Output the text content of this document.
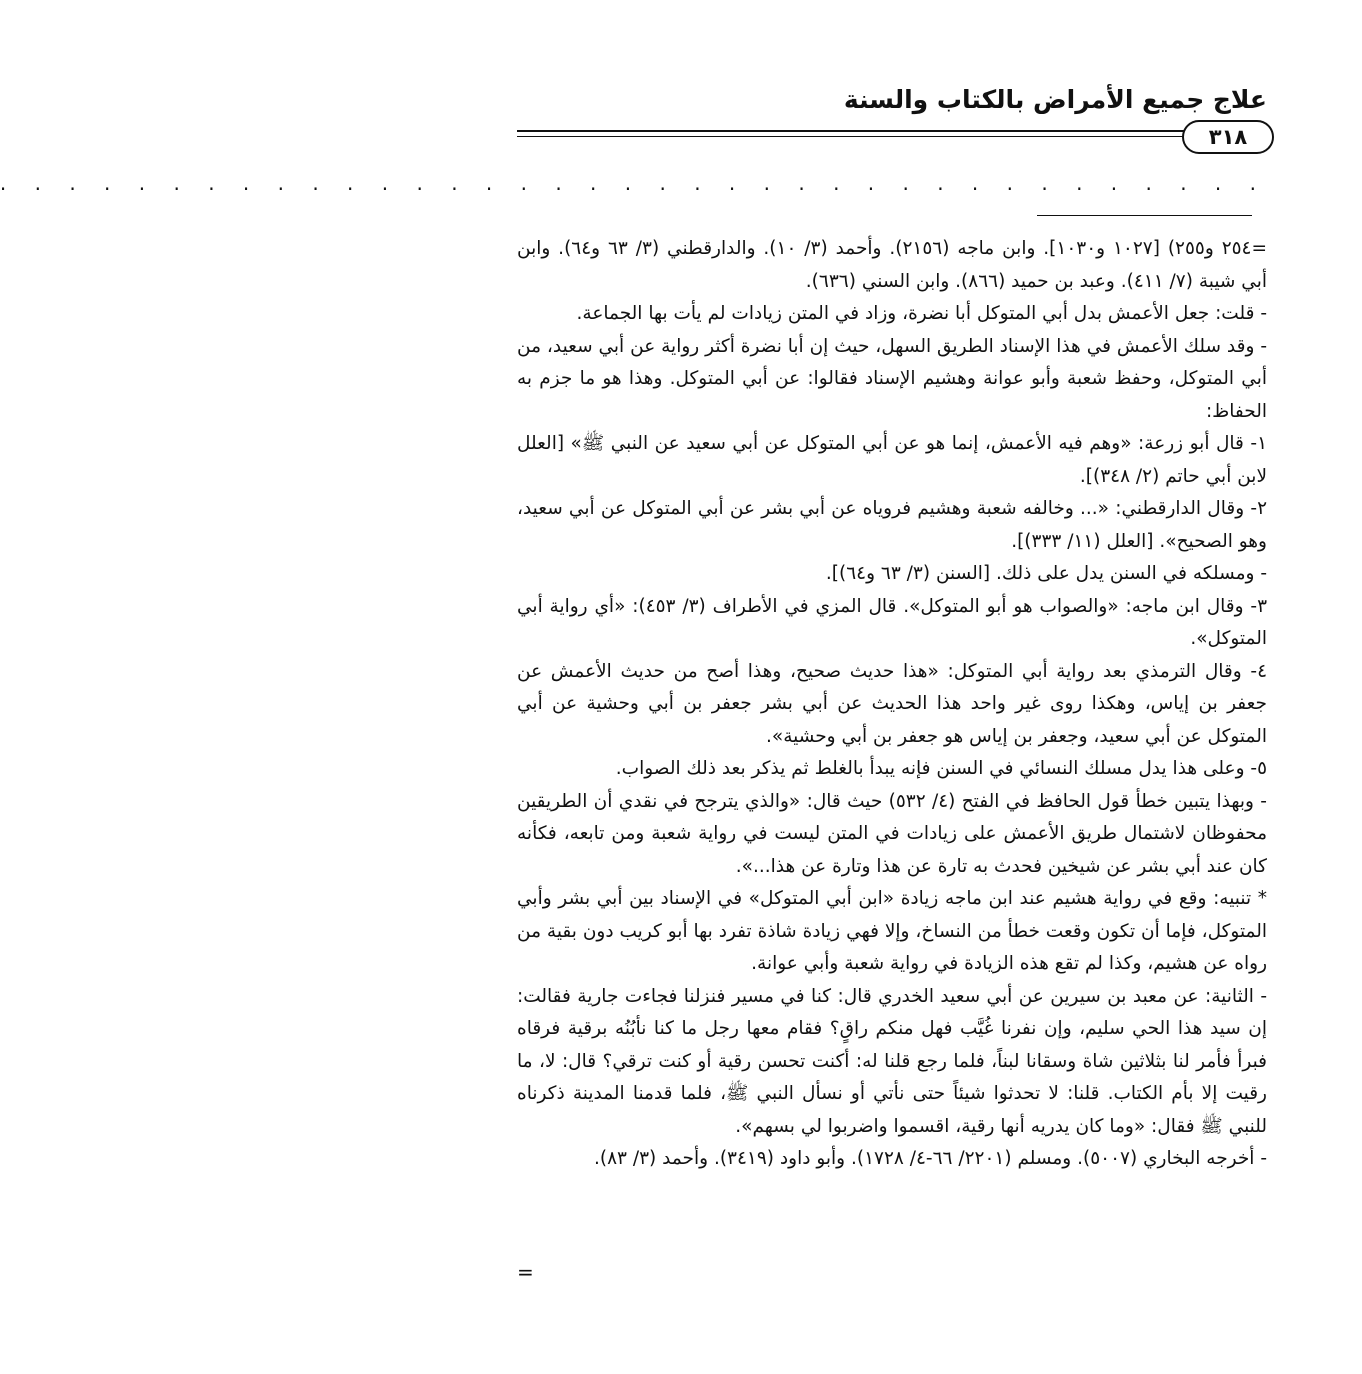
علاج جميع الأمراض بالكتاب والسنة
٣١٨
. . . . . . . . . . . . . . . . . . . . . . . . . . . . . . . . . . . . .

=٢٥٤ و٢٥٥) [١٠٢٧ و١٠٣٠]. وابن ماجه (٢١٥٦). وأحمد (٣/ ١٠). والدارقطني (٣/ ٦٣ و٦٤). وابن أبي شيبة (٧/ ٤١١). وعبد بن حميد (٨٦٦). وابن السني (٦٣٦).

- قلت: جعل الأعمش بدل أبي المتوكل أبا نضرة، وزاد في المتن زيادات لم يأت بها الجماعة.

- وقد سلك الأعمش في هذا الإسناد الطريق السهل، حيث إن أبا نضرة أكثر رواية عن أبي سعيد، من أبي المتوكل، وحفظ شعبة وأبو عوانة وهشيم الإسناد فقالوا: عن أبي المتوكل. وهذا هو ما جزم به الحفاظ:

١- قال أبو زرعة: «وهم فيه الأعمش، إنما هو عن أبي المتوكل عن أبي سعيد عن النبي ﷺ» [العلل لابن أبي حاتم (٢/ ٣٤٨)].

٢- وقال الدارقطني: «... وخالفه شعبة وهشيم فروياه عن أبي بشر عن أبي المتوكل عن أبي سعيد، وهو الصحيح». [العلل (١١/ ٣٣٣)].

- ومسلكه في السنن يدل على ذلك. [السنن (٣/ ٦٣ و٦٤)].

٣- وقال ابن ماجه: «والصواب هو أبو المتوكل». قال المزي في الأطراف (٣/ ٤٥٣): «أي رواية أبي المتوكل».

٤- وقال الترمذي بعد رواية أبي المتوكل: «هذا حديث صحيح، وهذا أصح من حديث الأعمش عن جعفر بن إياس، وهكذا روى غير واحد هذا الحديث عن أبي بشر جعفر بن أبي وحشية عن أبي المتوكل عن أبي سعيد، وجعفر بن إياس هو جعفر بن أبي وحشية».

٥- وعلى هذا يدل مسلك النسائي في السنن فإنه يبدأ بالغلط ثم يذكر بعد ذلك الصواب.

- وبهذا يتبين خطأ قول الحافظ في الفتح (٤/ ٥٣٢) حيث قال: «والذي يترجح في نقدي أن الطريقين محفوظان لاشتمال طريق الأعمش على زيادات في المتن ليست في رواية شعبة ومن تابعه، فكأنه كان عند أبي بشر عن شيخين فحدث به تارة عن هذا وتارة عن هذا...».

* تنبيه: وقع في رواية هشيم عند ابن ماجه زيادة «ابن أبي المتوكل» في الإسناد بين أبي بشر وأبي المتوكل، فإما أن تكون وقعت خطأ من النساخ، وإلا فهي زيادة شاذة تفرد بها أبو كريب دون بقية من رواه عن هشيم، وكذا لم تقع هذه الزيادة في رواية شعبة وأبي عوانة.

- الثانية: عن معبد بن سيرين عن أبي سعيد الخدري قال: كنا في مسير فنزلنا فجاءت جارية فقالت: إن سيد هذا الحي سليم، وإن نفرنا غُيَّب فهل منكم راقٍ؟ فقام معها رجل ما كنا نأبُنُه برقية فرقاه فبرأ فأمر لنا بثلاثين شاة وسقانا لبناً، فلما رجع قلنا له: أكنت تحسن رقية أو كنت ترقي؟ قال: لا، ما رقيت إلا بأم الكتاب. قلنا: لا تحدثوا شيئاً حتى نأتي أو نسأل النبي ﷺ، فلما قدمنا المدينة ذكرناه للنبي ﷺ فقال: «وما كان يدريه أنها رقية، اقسموا واضربوا لي بسهم».

- أخرجه البخاري (٥٠٠٧). ومسلم (٢٢٠١/ ٦٦-٤/ ١٧٢٨). وأبو داود (٣٤١٩). وأحمد (٣/ ٨٣).

=
